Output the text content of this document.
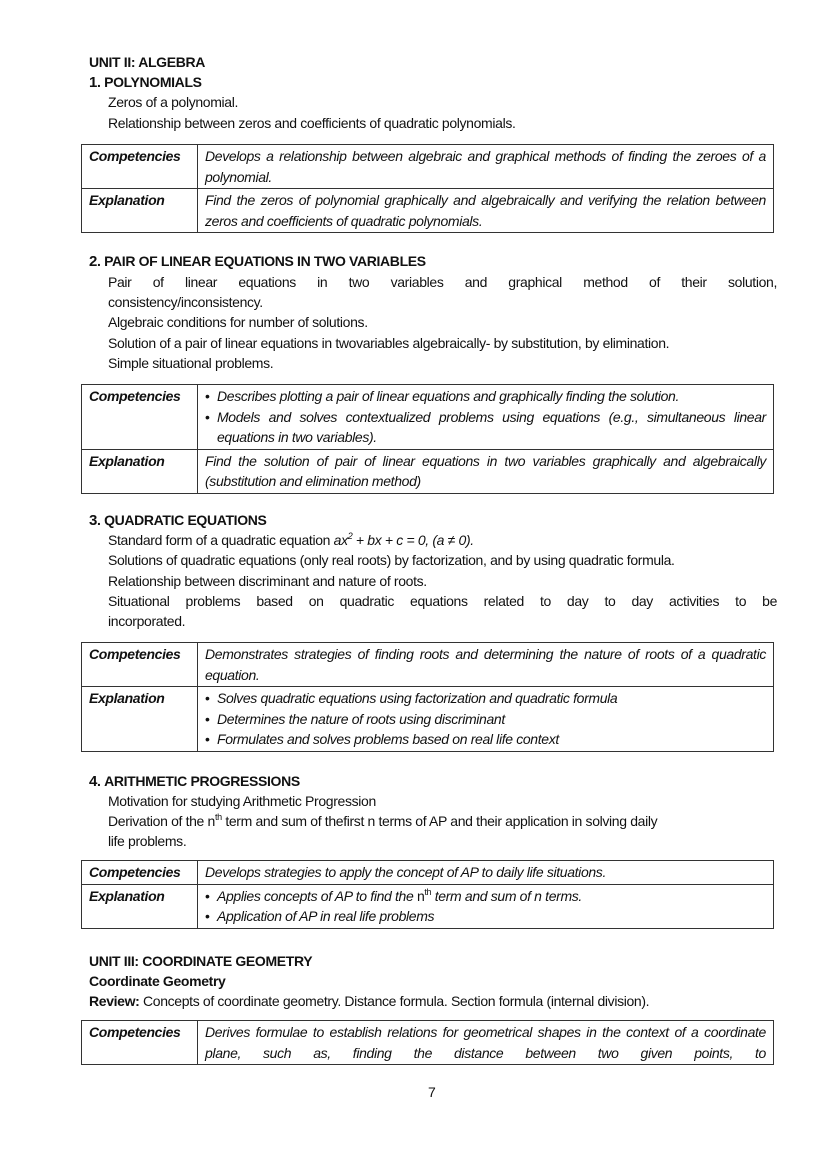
UNIT II: ALGEBRA
1. POLYNOMIALS
Zeros of a polynomial.
Relationship between zeros and coefficients of quadratic polynomials.
Competencies	Develops a relationship between algebraic and graphical methods of finding the zeroes of a polynomial.
Explanation	Find the zeros of polynomial graphically and algebraically and verifying the relation between zeros and coefficients of quadratic polynomials.
2. PAIR OF LINEAR EQUATIONS IN TWO VARIABLES
Pair of linear equations in two variables and graphical method of their solution,
consistency/inconsistency.
Algebraic conditions for number of solutions.
Solution of a pair of linear equations in twovariables algebraically- by substitution, by elimination.
Simple situational problems.
Competencies	• Describes plotting a pair of linear equations and graphically finding the solution.
• Models and solves contextualized problems using equations (e.g., simultaneous linear equations in two variables).

Explanation	Find the solution of pair of linear equations in two variables graphically and algebraically (substitution and elimination method)
3. QUADRATIC EQUATIONS
Standard form of a quadratic equation $ax^2$ + bx + c = 0, (a ≠ 0).
Solutions of quadratic equations (only real roots) by factorization, and by using quadratic formula.
Relationship between discriminant and nature of roots.
Situational problems based on quadratic equations related to day to day activities to be
incorporated.
Competencies	Demonstrates strategies of finding roots and determining the nature of roots of a quadratic equation.
Explanation	• Solves quadratic equations using factorization and quadratic formula
• Determines the nature of roots using discriminant
• Formulates and solves problems based on real life context
4. ARITHMETIC PROGRESSIONS
Motivation for studying Arithmetic Progression
Derivation of the $n^{th}$ term and sum of thefirst n terms of AP and their application in solving daily
life problems.
Competencies	Develops strategies to apply the concept of AP to daily life situations.
Explanation	• Applies concepts of AP to find the $n^{th}$ term and sum of n terms.
• Application of AP in real life problems
UNIT III: COORDINATE GEOMETRY
Coordinate Geometry
Review: Concepts of coordinate geometry. Distance formula. Section formula (internal division).
Competencies	Derives formulae to establish relations for geometrical shapes in the context of a coordinate plane, such as, finding the distance between two given points, to
7
